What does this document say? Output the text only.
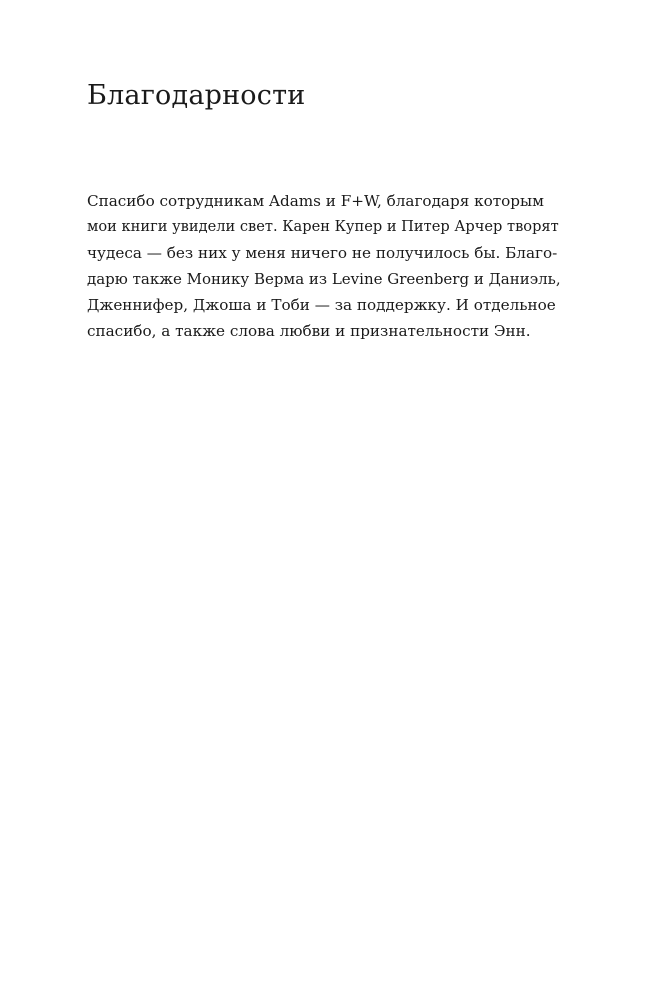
Благодарности

Спасибо сотрудникам Adams и F+W, благодаря которым
мои книги увидели свет. Карен Купер и Питер Арчер творят
чудеса — без них у меня ничего не получилось бы. Благо-
дарю также Монику Верма из Levine Greenberg и Даниэль,
Дженнифер, Джоша и Тоби — за поддержку. И отдельное
спасибо, а также слова любви и признательности Энн.
